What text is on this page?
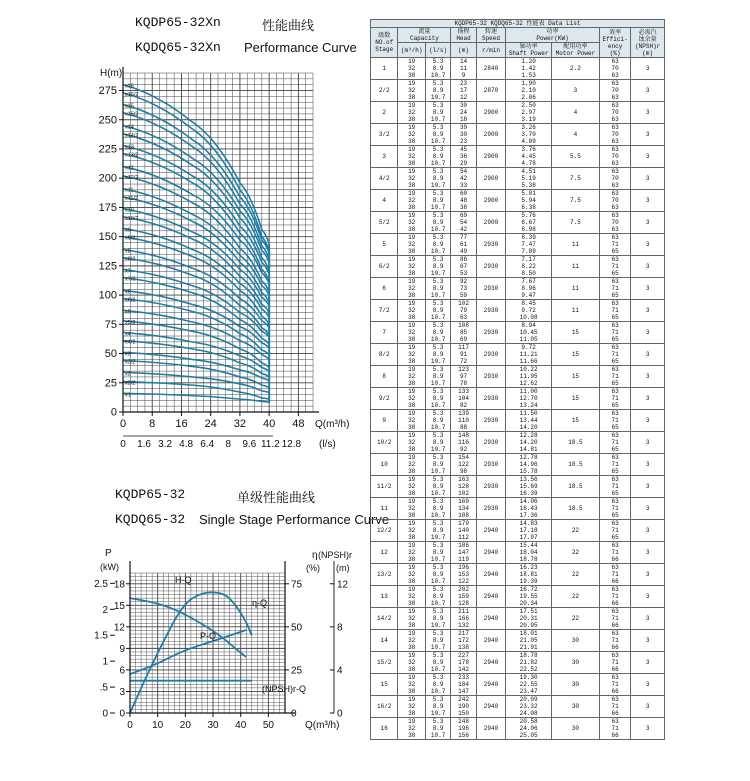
KQDP65-32Xn	性能曲线
KQDQ65-32Xn Performance Curve
x1
x2/2
x2
x3/2
x3
x4/2
x4
x5/2
x5
x6/2
x6
x7/2
x7
x8/2
x8
x9/2
x9
x10/2
x10
x11/2
x11
x12/2
x12
x13/2
x13
x14/2
x14
x15/2
x15
x16/2
x16
0
25
50
75
100
125
150
175
200
225
250
275
H(m)
0 8 16 24 32 40 48 Q(m³/h)
0 1.6 3.2 4.8 6.4 8 9.6 11.2 12.8 (l/s)
KQDP65-32	单级性能曲线
KQDQ65-32 Single Stage Performance Curve
H-Q
η-Q
P-Q
(NPSH)r-Q
0
3
6
9
12
15
18
0
.5
1
1.5
2
2.5
P
(kW)
0
25
50
75
η
(%)
0
4
8
12
(NPSH)r
(m)
0 10 20 30 40 50	Q(m³/h)
KQDP65-32 KQDQ65-32 性能表 Data List								

级数
NO.of
Stage	流量
Capacity		扬程
Head	转速
Speed	功率
Power(KW)		效率
Effici-
ency
(%)	必需汽
蚀余量
(NPSH)r
(m)

	(m³/h)	(l/s)			轴功率
Shaft Power	配用功率
Motor Power		

			(m)	r/min				
1	19
32
38	5.3
8.9
10.7	14
11
9	2840	1.20
1.42
1.53	2.2	63
70
63	3
2/2	19
32
38	5.3
8.9
10.7	23
17
12	2870	1.90
2.10
2.06	3	63
70
63	3
2	19
32
38	5.3
8.9
10.7	30
24
18	2900	2.50
2.97
3.19	4	63
70
63	3
3/2	19
32
38	5.3
8.9
10.7	39
30
23	2900	3.26
3.70
4.09	4	63
70
63	3
3	19
32
38	5.3
8.9
10.7	45
36
29	2900	3.76
4.45
4.78	5.5	63
70
63	3
4/2	19
32
38	5.3
8.9
10.7	54
42
33	2900	4.51
5.19
5.38	7.5	63
70
63	3
4	19
32
38	5.3
8.9
10.7	60
48
38	2900	5.01
5.94
6.38	7.5	63
70
63	3
5/2	19
32
38	5.3
8.9
10.7	69
54
42	2900	5.76
6.67
6.98	7.5	63
70
63	3
5	19
32
38	5.3
8.9
10.7	77
61
49	2930	6.39
7.47
7.89	11	63
71
65	3
6/2	19
32
38	5.3
8.9
10.7	86
67
53	2930	7.17
8.22
8.50	11	63
71
65	3
6	19
32
38	5.3
8.9
10.7	92
73
59	2930	7.67
8.96
9.47	11	63
71
65	3
7/2	19
32
38	5.3
8.9
10.7	102
79
63	2930	8.45
9.72
10.08	11	63
71
65	3
7	19
32
38	5.3
8.9
10.7	108
85
69	2930	8.94
10.45
11.05	15	63
71
65	3
8/2	19
32
38	5.3
8.9
10.7	117
91
72	2930	9.72
11.21
11.66	15	63
71
65	3
8	19
32
38	5.3
8.9
10.7	123
97
78	2930	10.22
11.95
12.62	15	63
71
65	3
9/2	19
32
38	5.3
8.9
10.7	133
104
82	2930	11.00
12.70
13.24	15	63
71
65	3
9	19
32
38	5.3
8.9
10.7	139
110
88	2930	11.50
13.44
14.20	15	63
71
65	3
10/2	19
32
38	5.3
8.9
10.7	148
116
92	2930	12.28
14.20
14.81	18.5	63
71
65	3
10	19
32
38	5.3
8.9
10.7	154
122
98	2930	12.78
14.96
15.78	18.5	63
71
65	3
11/2	19
32
38	5.3
8.9
10.7	163
128
102	2930	13.56
15.69
16.39	18.5	63
71
65	3
11	19
32
38	5.3
8.9
10.7	169
134
108	2930	14.06
16.43
17.36	18.5	63
71
65	3
12/2	19
32
38	5.3
8.9
10.7	179
140
112	2940	14.83
17.18
17.97	22	63
71
65	3
12	19
32
38	5.3
8.9
10.7	186
147
119	2940	15.44
18.04
18.78	22	63
71
66	3
13/2	19
32
38	5.3
8.9
10.7	196
153
122	2940	16.23
18.81
19.39	22	63
71
66	3
13	19
32
38	5.3
8.9
10.7	202
159
128	2940	16.72
19.55
20.34	22	63
71
66	3
14/2	19
32
38	5.3
8.9
10.7	211
166
132	2940	17.51
20.31
20.95	22	63
71
66	3
14	19
32
38	5.3
8.9
10.7	217
172
138	2940	18.01
21.05
21.91	30	63
71
66	3
15/2	19
32
38	5.3
8.9
10.7	227
178
142	2940	18.78
21.82
22.52	30	63
71
66	3
15	19
32
38	5.3
8.9
10.7	233
184
147	2940	19.30
22.55
23.47	30	63
71
66	3
16/2	19
32
38	5.3
8.9
10.7	242
190
150	2940	20.09
23.32
24.08	30	63
71
66	3
16	19
32
38	5.3
8.9
10.7	248
196
156	2940	20.58
24.06
25.05	30	63
71
66	3
